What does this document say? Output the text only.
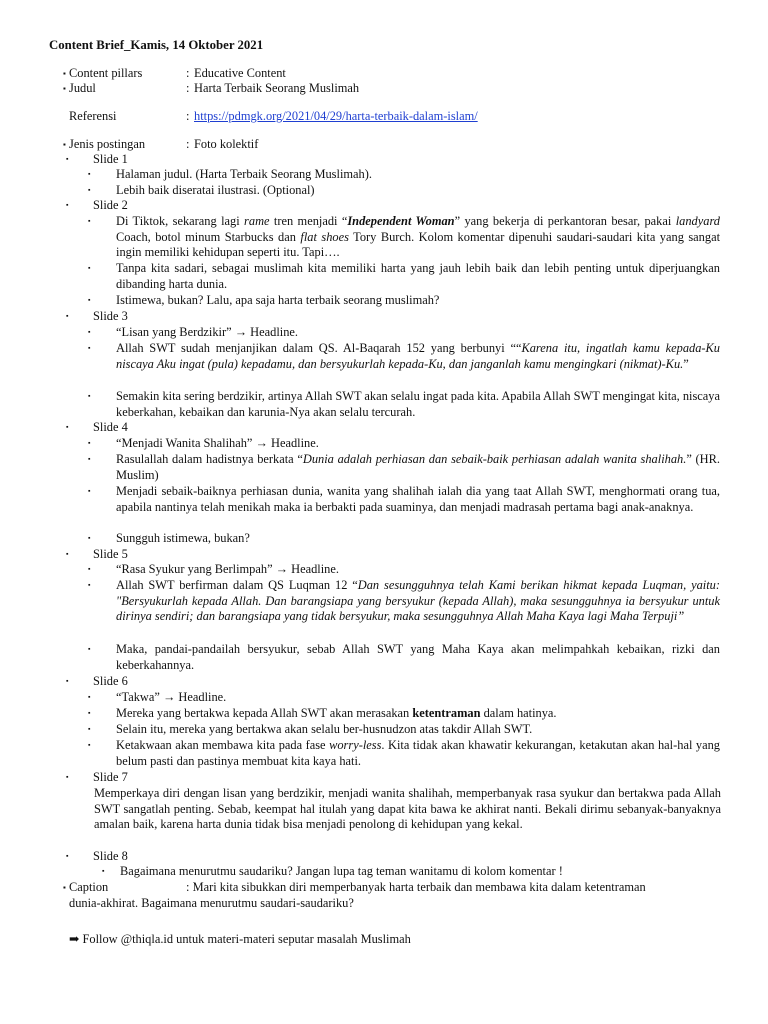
Content Brief_Kamis, 14 Oktober 2021
▪ Content pillars	: Educative Content
▪ Judul	: Harta Terbaik Seorang Muslimah
Referensi	: https://pdmgk.org/2021/04/29/harta-terbaik-dalam-islam/
▪ Jenis postingan	: Foto kolektif
▪ Slide 1
▪ Halaman judul. (Harta Terbaik Seorang Muslimah).
▪ Lebih baik diseratai ilustrasi. (Optional)
▪ Slide 2
▪ Di Tiktok, sekarang lagi rame tren menjadi “Independent Woman” yang bekerja di perkantoran besar, pakai landyard Coach, botol minum Starbucks dan flat shoes Tory Burch. Kolom komentar dipenuhi saudari-saudari kita yang sangat ingin memiliki kehidupan seperti itu. Tapi….
▪ Tanpa kita sadari, sebagai muslimah kita memiliki harta yang jauh lebih baik dan lebih penting untuk diperjuangkan dibanding harta dunia.
▪ Istimewa, bukan? Lalu, apa saja harta terbaik seorang muslimah?
▪ Slide 3
▪ “Lisan yang Berdzikir” → Headline.
▪ Allah SWT sudah menjanjikan dalam QS. Al-Baqarah 152 yang berbunyi ““Karena itu, ingatlah kamu kepada-Ku niscaya Aku ingat (pula) kepadamu, dan bersyukurlah kepada-Ku, dan janganlah kamu mengingkari (nikmat)-Ku.”
▪ Semakin kita sering berdzikir, artinya Allah SWT akan selalu ingat pada kita. Apabila Allah SWT mengingat kita, niscaya keberkahan, kebaikan dan karunia-Nya akan selalu tercurah.
▪ Slide 4
▪ “Menjadi Wanita Shalihah” → Headline.
▪ Rasulallah dalam hadistnya berkata “Dunia adalah perhiasan dan sebaik-baik perhiasan adalah wanita shalihah.” (HR. Muslim)
▪ Menjadi sebaik-baiknya perhiasan dunia, wanita yang shalihah ialah dia yang taat Allah SWT, menghormati orang tua, apabila nantinya telah menikah maka ia berbakti pada suaminya, dan menjadi madrasah pertama bagi anak-anaknya.
▪ Sungguh istimewa, bukan?
▪ Slide 5
▪ “Rasa Syukur yang Berlimpah” → Headline.
▪ Allah SWT berfirman dalam QS Luqman 12 “Dan sesungguhnya telah Kami berikan hikmat kepada Luqman, yaitu: "Bersyukurlah kepada Allah. Dan barangsiapa yang bersyukur (kepada Allah), maka sesungguhnya ia bersyukur untuk dirinya sendiri; dan barangsiapa yang tidak bersyukur, maka sesungguhnya Allah Maha Kaya lagi Maha Terpuji”
▪ Maka, pandai-pandailah bersyukur, sebab Allah SWT yang Maha Kaya akan melimpahkah kebaikan, rizki dan keberkahannya.
▪ Slide 6
▪ “Takwa” → Headline.
▪ Mereka yang bertakwa kepada Allah SWT akan merasakan ketentraman dalam hatinya.
▪ Selain itu, mereka yang bertakwa akan selalu ber-husnudzon atas takdir Allah SWT.
▪ Ketakwaan akan membawa kita pada fase worry-less. Kita tidak akan khawatir kekurangan, ketakutan akan hal-hal yang belum pasti dan pastinya membuat kita kaya hati.
▪ Slide 7
Memperkaya diri dengan lisan yang berdzikir, menjadi wanita shalihah, memperbanyak rasa syukur dan bertakwa pada Allah SWT sangatlah penting. Sebab, keempat hal itulah yang dapat kita bawa ke akhirat nanti. Bekali dirimu sebanyak-banyaknya amalan baik, karena harta dunia tidak bisa menjadi penolong di kehidupan yang kekal.
▪ Slide 8
▪ Bagaimana menurutmu saudariku? Jangan lupa tag teman wanitamu di kolom komentar !
▪ Caption	: Mari kita sibukkan diri memperbanyak harta terbaik dan membawa kita dalam ketentraman
dunia-akhirat. Bagaimana menurutmu saudari-saudariku?
➡ Follow @thiqla.id untuk materi-materi seputar masalah Muslimah
